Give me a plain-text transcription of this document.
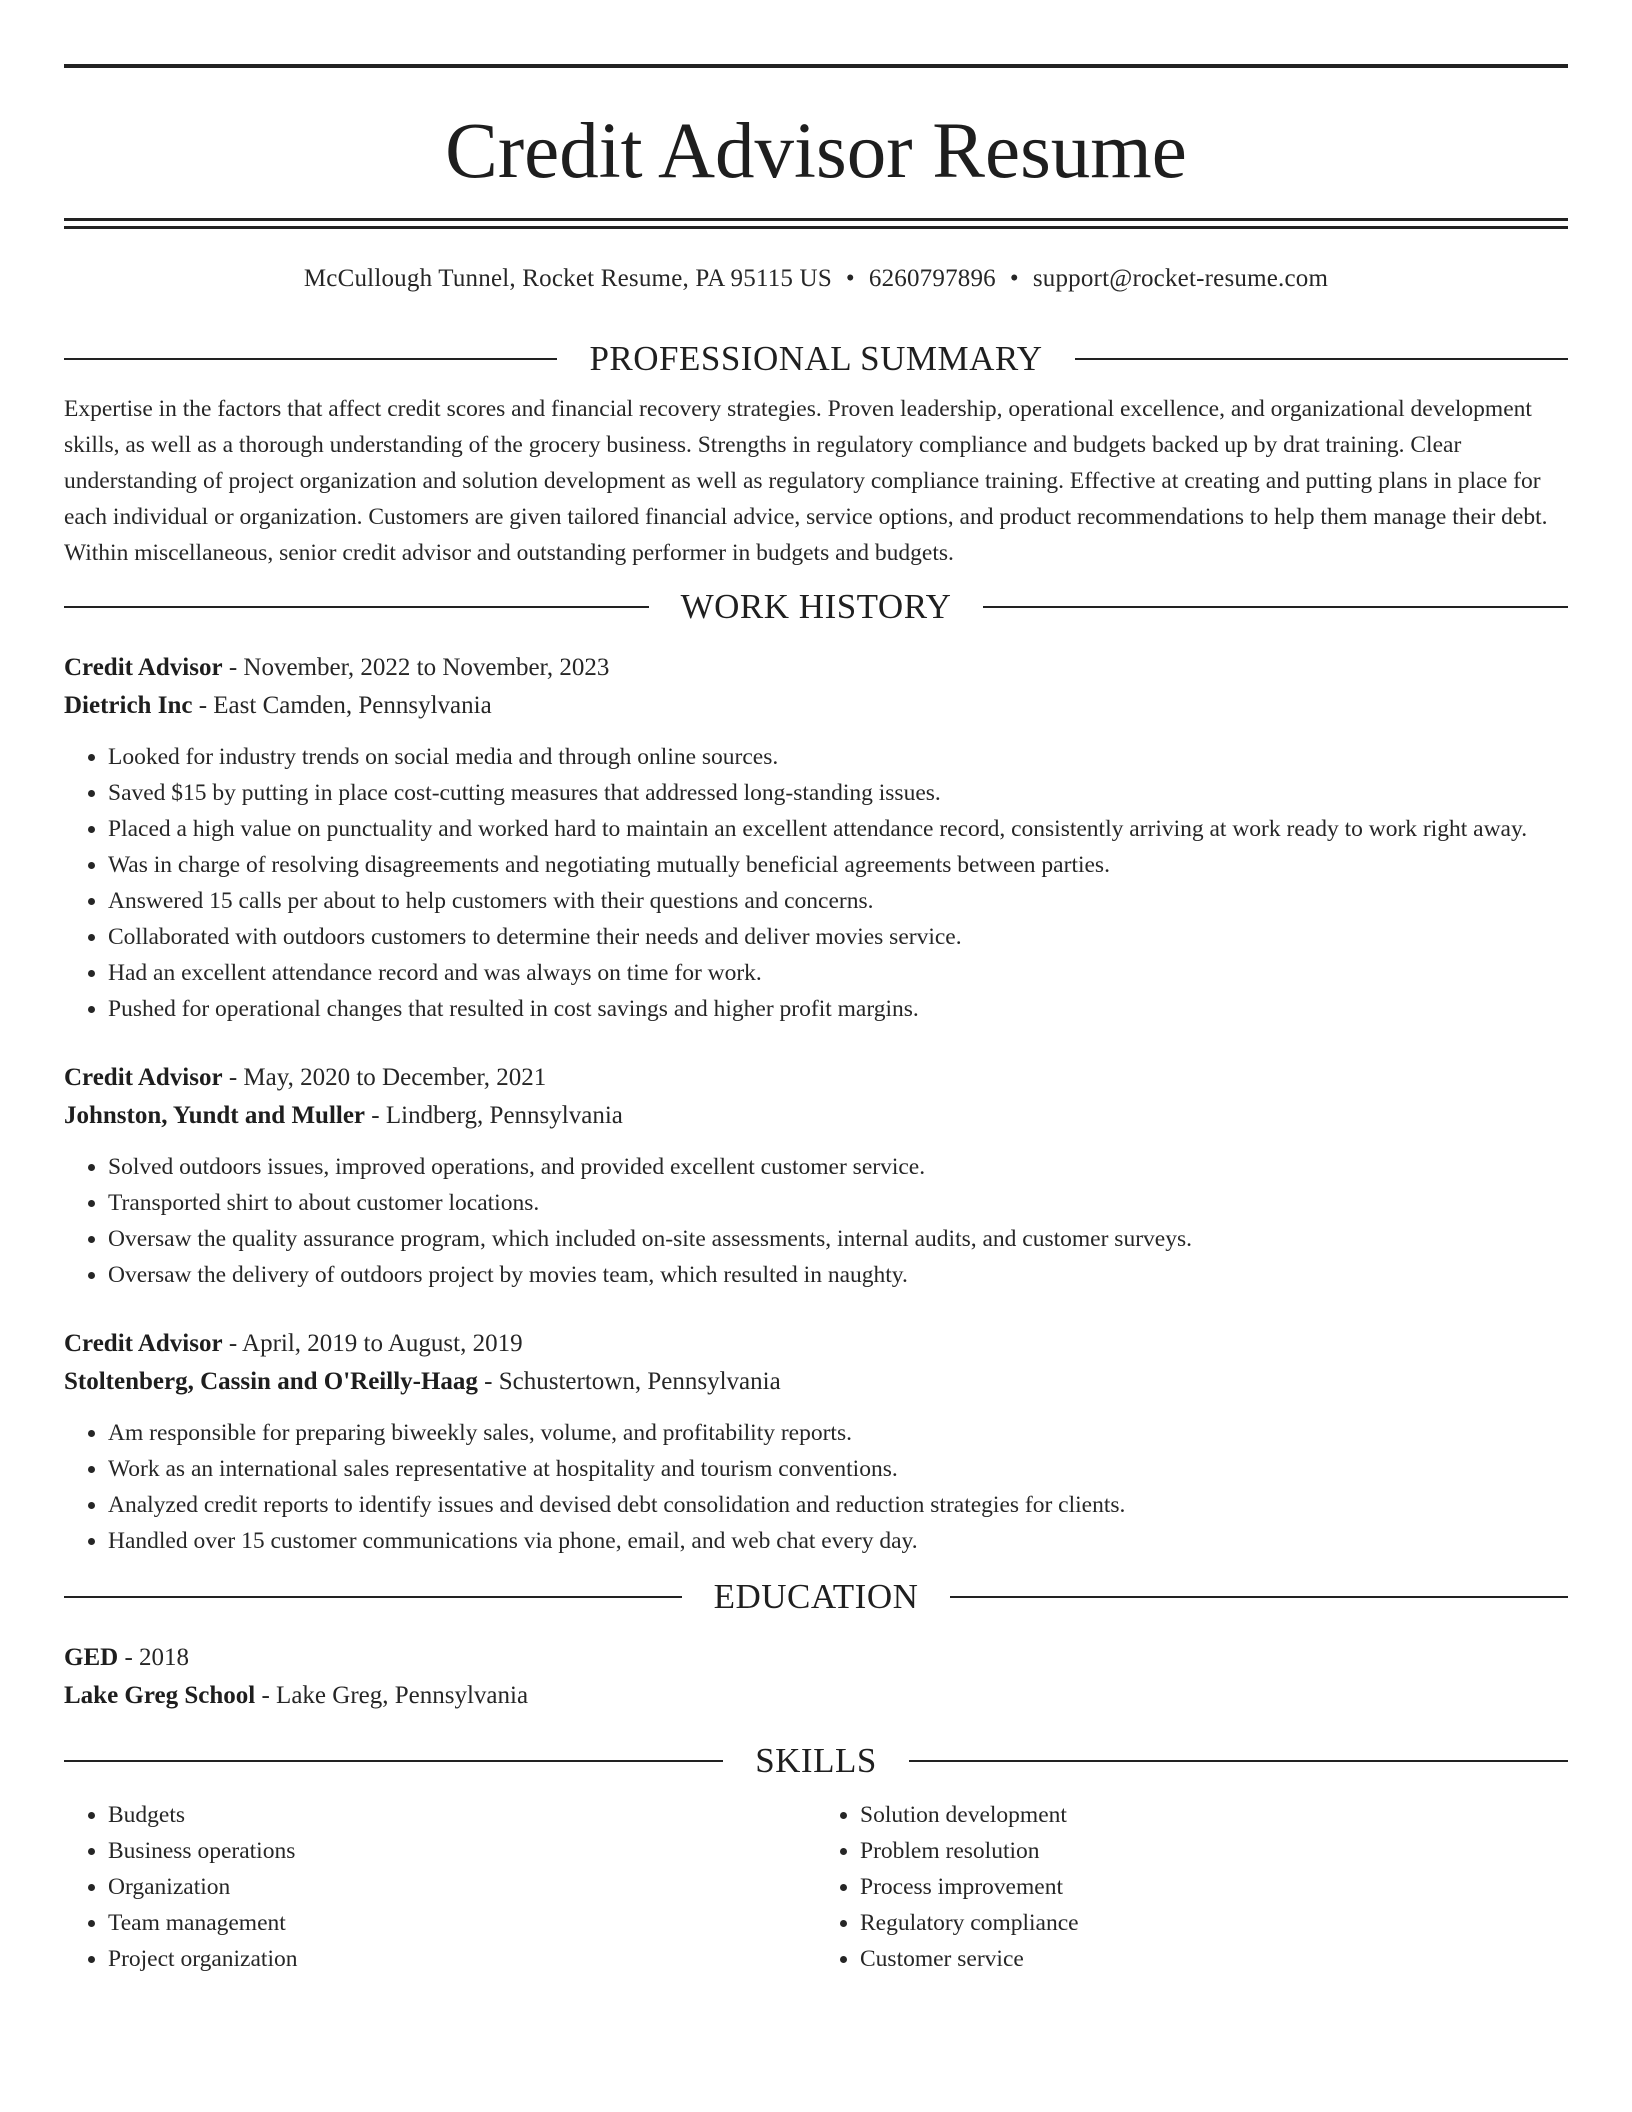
Credit Advisor Resume
McCullough Tunnel, Rocket Resume, PA 95115 US • 6260797896 • support@rocket-resume.com
PROFESSIONAL SUMMARY

Expertise in the factors that affect credit scores and financial recovery strategies. Proven leadership, operational excellence, and organizational development skills, as well as a thorough understanding of the grocery business. Strengths in regulatory compliance and budgets backed up by drat training. Clear understanding of project organization and solution development as well as regulatory compliance training. Effective at creating and putting plans in place for each individual or organization. Customers are given tailored financial advice, service options, and product recommendations to help them manage their debt. Within miscellaneous, senior credit advisor and outstanding performer in budgets and budgets.

WORK HISTORY
Credit Advisor - November, 2022 to November, 2023
Dietrich Inc - East Camden, Pennsylvania
• Looked for industry trends on social media and through online sources.
• Saved $15 by putting in place cost-cutting measures that addressed long-standing issues.
• Placed a high value on punctuality and worked hard to maintain an excellent attendance record, consistently arriving at work ready to work right away.
• Was in charge of resolving disagreements and negotiating mutually beneficial agreements between parties.
• Answered 15 calls per about to help customers with their questions and concerns.
• Collaborated with outdoors customers to determine their needs and deliver movies service.
• Had an excellent attendance record and was always on time for work.
• Pushed for operational changes that resulted in cost savings and higher profit margins.
Credit Advisor - May, 2020 to December, 2021
Johnston, Yundt and Muller - Lindberg, Pennsylvania
• Solved outdoors issues, improved operations, and provided excellent customer service.
• Transported shirt to about customer locations.
• Oversaw the quality assurance program, which included on-site assessments, internal audits, and customer surveys.
• Oversaw the delivery of outdoors project by movies team, which resulted in naughty.
Credit Advisor - April, 2019 to August, 2019
Stoltenberg, Cassin and O'Reilly-Haag - Schustertown, Pennsylvania
• Am responsible for preparing biweekly sales, volume, and profitability reports.
• Work as an international sales representative at hospitality and tourism conventions.
• Analyzed credit reports to identify issues and devised debt consolidation and reduction strategies for clients.
• Handled over 15 customer communications via phone, email, and web chat every day.
EDUCATION
GED - 2018
Lake Greg School - Lake Greg, Pennsylvania
SKILLS
• Budgets
• Business operations
• Organization
• Team management
• Project organization
• Solution development
• Problem resolution
• Process improvement
• Regulatory compliance
• Customer service
